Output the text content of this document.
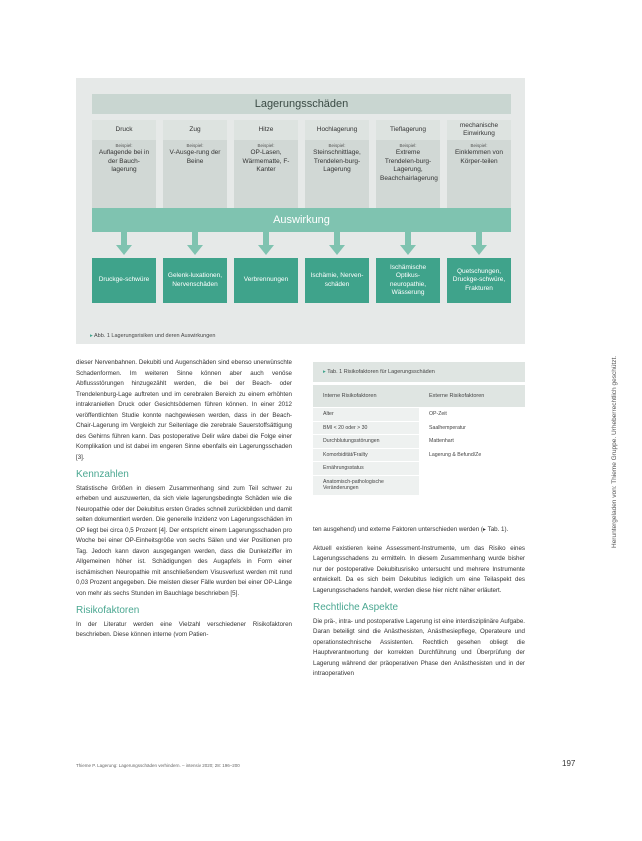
Lagerungsschäden
Druck
Beispiel:
Auflagende bei in der Bauch-lagerung
Zug
Beispiel:
V-Ausge-rung der Beine
Hitze
Beispiel:
OP-Lasen, Wärmematte, F-Kanter
Hochlagerung
Beispiel:
Steinschnittlage, Trendelen-burg-Lagerung
Tieflagerung
Beispiel:
Extreme Trendelen-burg-Lagerung, Beachchairlagerung
mechanische Einwirkung
Beispiel:
Einklemmen von Körper-teilen
Auswirkung
Druckge-schwüre
Gelenk-luxationen, Nervenschäden
Verbrennungen
Ischämie, Nerven-schäden
Ischämische Optikus-neuropathie, Wässerung
Quetschungen, Druckge-schwüre, Frakturen
▸ Abb. 1 Lagerungsrisiken und deren Auswirkungen
Heruntergeladen von: Thieme Gruppe. Urheberrechtlich geschützt.

dieser Nervenbahnen. Dekubiti und Augenschäden sind ebenso unerwünschte Schadenformen. Im weiteren Sinne können aber auch venöse Abflussstörungen hinzugezählt werden, die bei der Beach- oder Trendelenburg-Lage auftreten und im cerebralen Bereich zu einem erhöhten intrakraniellen Druck oder Gesichtsödemen führen können. In einer 2012 veröffentlichten Studie konnte nachgewiesen werden, dass in der Beach-Chair-Lagerung im Vergleich zur Seitenlage die zerebrale Sauerstoffsättigung des Gehirns führen kann. Das postoperative Delir wäre dabei die Folge einer Komplikation und ist dabei im engeren Sinne ebenfalls ein Lagerungsschaden [3].

Kennzahlen

Statistische Größen in diesem Zusammenhang sind zum Teil schwer zu erheben und auszuwerten, da sich viele lagerungsbedingte Schäden wie die Neuropathie oder der Dekubitus ersten Grades schnell zurückbilden und damit selten dokumentiert werden. Die generelle Inzidenz von Lagerungsschäden im OP liegt bei circa 0,5 Prozent [4]. Der entspricht einem Lagerungsschaden pro Woche bei einer OP-Einheitsgröße von sechs Sälen und vier Positionen pro Tag. Jedoch kann davon ausgegangen werden, dass die Dunkelziffer im Allgemeinen höher ist. Schädigungen des Augapfels in Form einer ischämischen Neuropathie mit anschließendem Visusverlust werden mit rund 0,03 Prozent angegeben. Die meisten dieser Fälle wurden bei einer OP-Länge von mehr als sechs Stunden im Bauchlage beschrieben [5].

Risikofaktoren

In der Literatur werden eine Vielzahl verschiedener Risikofaktoren beschrieben. Diese können interne (vom Patien-

▸ Tab. 1 Risikofaktoren für Lagerungsschäden
Interne Risikofaktoren	Externe Risikofaktoren
Alter	OP-Zeit
BMI < 20 oder > 30	Saalhemperatur
Durchblutungsstörungen	Mattenhart
Komorbidität/Frailty	Lagerung & Befund/Ze
Ernährungsstatus
Anatomisch-pathologische Veränderungen

ten ausgehend) und externe Faktoren unterschieden werden (▸ Tab. 1).

Aktuell existieren keine Assessment-Instrumente, um das Risiko eines Lagerungsschadens zu ermitteln. In diesem Zusammenhang wurde bisher nur der postoperative Dekubitusrisiko untersucht und mehrere Instrumente entwickelt. Da es sich beim Dekubitus lediglich um eine Teilaspekt des Lagerungsschadens handelt, werden diese hier nicht näher erläutert.

Rechtliche Aspekte

Die prä-, intra- und postoperative Lagerung ist eine interdisziplinäre Aufgabe. Daran beteiligt sind die Anästhesisten, Anästhesiepflege, Operateure und operationstechnische Assistenten. Rechtlich gesehen obliegt die Hauptverantwortung der korrekten Durchführung und Überprüfung der Lagerung während der präoperativen Phase den Anästhesisten und in der intraoperativen

Thieme P. Lagerung: Lagerungsschäden verhindern. – intensiv 2020; 28: 196–200	197
